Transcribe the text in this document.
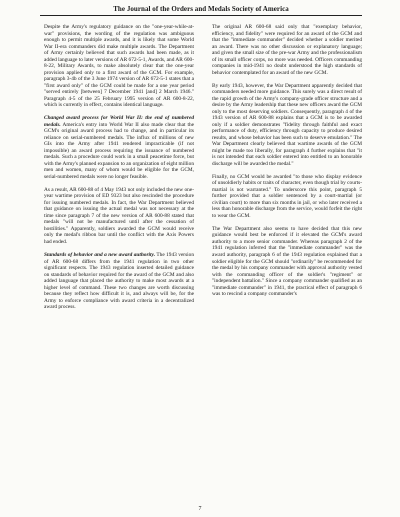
The Journal of the Orders and Medals Society of America

Despite the Army's regulatory guidance on the "one-year-while-at-war" provisions, the wording of the regulation was ambiguous enough to permit multiple awards, and it is likely that some World War II-era commanders did make multiple awards. The Department of Army certainly believed that such awards had been made, as it added language to later versions of AR 672-5-1, Awards, and AR 600-8-22, Military Awards, to make absolutely clear that the one-year provision applied only to a first award of the GCM. For example, paragraph 3-4b of the 3 June 1974 version of AR 672-5-1 states that a "first award only" of the GCM could be made for a one year period "served entirely [between] 7 December 1941 [and] 2 March 1946." Paragraph 4-5 of the 25 February 1995 version of AR 600-8-22, which is currently in effect, contains identical language.

Changed award process for World War II: the end of numbered medals. America's entry into World War II also made clear that the GCM's original award process had to change, and in particular its reliance on serial-numbered medals. The influx of millions of new GIs into the Army after 1941 rendered impracticable (if not impossible) an award process requiring the issuance of numbered medals. Such a procedure could work in a small peacetime force, but with the Army's planned expansion to an organization of eight million men and women, many of whom would be eligible for the GCM, serial-numbered medals were no longer feasible.

As a result, AR 600-88 of 4 May 1943 not only included the new one-year wartime provision of ED 9323 but also rescinded the procedure for issuing numbered medals. In fact, the War Department believed that guidance on issuing the actual medal was not necessary at the time since paragraph 7 of the new version of AR 600-88 stated that medals "will not be manufactured until after the cessation of hostilities." Apparently, soldiers awarded the GCM would receive only the medal's ribbon bar until the conflict with the Axis Powers had ended.

Standards of behavior and a new award authority. The 1943 version of AR 600-68 differs from the 1941 regulation in two other significant respects. The 1943 regulation inserted detailed guidance on standards of behavior required for the award of the GCM and also added language that placed the authority to make most awards at a higher level of command. These two changes are worth discussing because they reflect how difficult it is, and always will be, for the Army to enforce compliance with award criteria in a decentralized award process.

The original AR 600-68 said only that "exemplary behavior, efficiency, and fidelity" were required for an award of the GCM and that the "immediate commander" decided whether a soldier merited an award. There was no other discussion or explanatory language; and given the small size of the pre-war Army and the professionalism of its small officer corps, no more was needed. Officers commanding companies in mid-1941 no doubt understood the high standards of behavior contemplated for an award of the new GCM.

By early 1943, however, the War Department apparently decided that commanders needed more guidance. This surely was a direct result of the rapid growth of the Army's company-grade officer structure and a desire by the Army leadership that these new officers award the GCM only to the most deserving soldiers. Consequently, paragraph 4 of the 1943 version of AR 600-88 explains that a GCM is to be awarded only if a soldier demonstrates "fidelity through faithful and exact performance of duty, efficiency through capacity to produce desired results, and whose behavior has been such to deserve emulation." The War Department clearly believed that wartime awards of the GCM might be made too liberally, for paragraph 4 further explains that "it is not intended that each soldier entered into entitled to an honorable discharge will be awarded the medal."

Finally, no GCM would be awarded "to those who display evidence of unsoldierly habits or traits of character, even though trial by courts-martial is not warranted." To underscore this point, paragraph 5 further provided that a soldier sentenced by a court-martial (or civilian court) to more than six months in jail, or who later received a less than honorable discharge from the service, would forfeit the right to wear the GCM.

The War Department also seems to have decided that this new guidance would best be enforced if it elevated the GCM's award authority to a more senior commander. Whereas paragraph 2 of the 1941 regulation inferred that the "immediate commander" was the award authority, paragraph 6 of the 1943 regulation explained that a soldier eligible for the GCM should "ordinarily" be recommended for the medal by his company commander with approval authority vested with the commanding officer of the soldier's "regiment" or "independent battalion." Since a company commander qualified as an "immediate commander" in 1941, the practical effect of paragraph 6 was to rescind a company commander's

7
